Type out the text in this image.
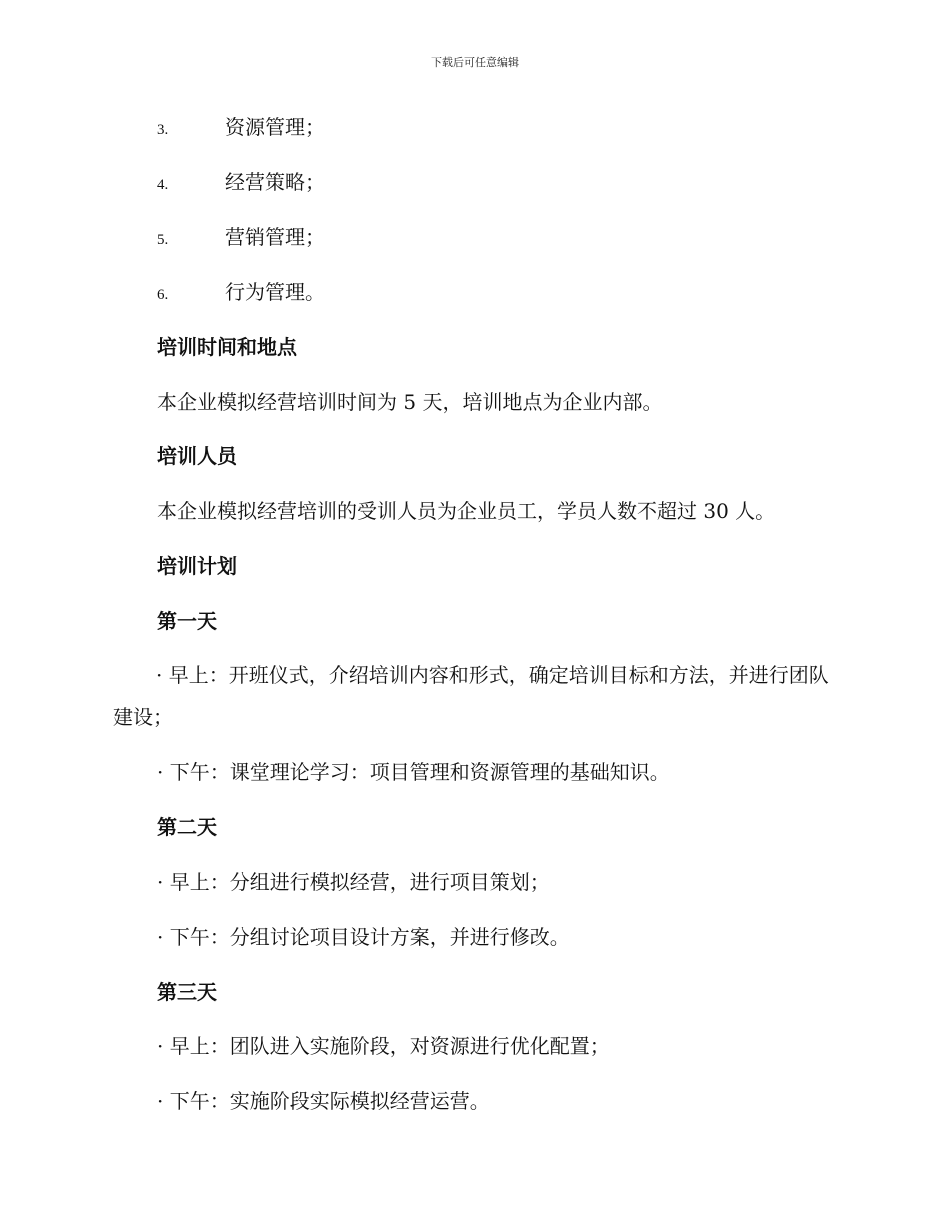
下载后可任意编辑
3.	资源管理；
4.	经营策略；
5.	营销管理；
6.	行为管理。
培训时间和地点
本企业模拟经营培训时间为 5 天，培训地点为企业内部。
培训人员
本企业模拟经营培训的受训人员为企业员工，学员人数不超过 30 人。
培训计划
第一天
· 早上：开班仪式，介绍培训内容和形式，确定培训目标和方法，并进行团队建设；
· 下午：课堂理论学习：项目管理和资源管理的基础知识。
第二天
· 早上：分组进行模拟经营，进行项目策划；
· 下午：分组讨论项目设计方案，并进行修改。
第三天
· 早上：团队进入实施阶段，对资源进行优化配置；
· 下午：实施阶段实际模拟经营运营。
